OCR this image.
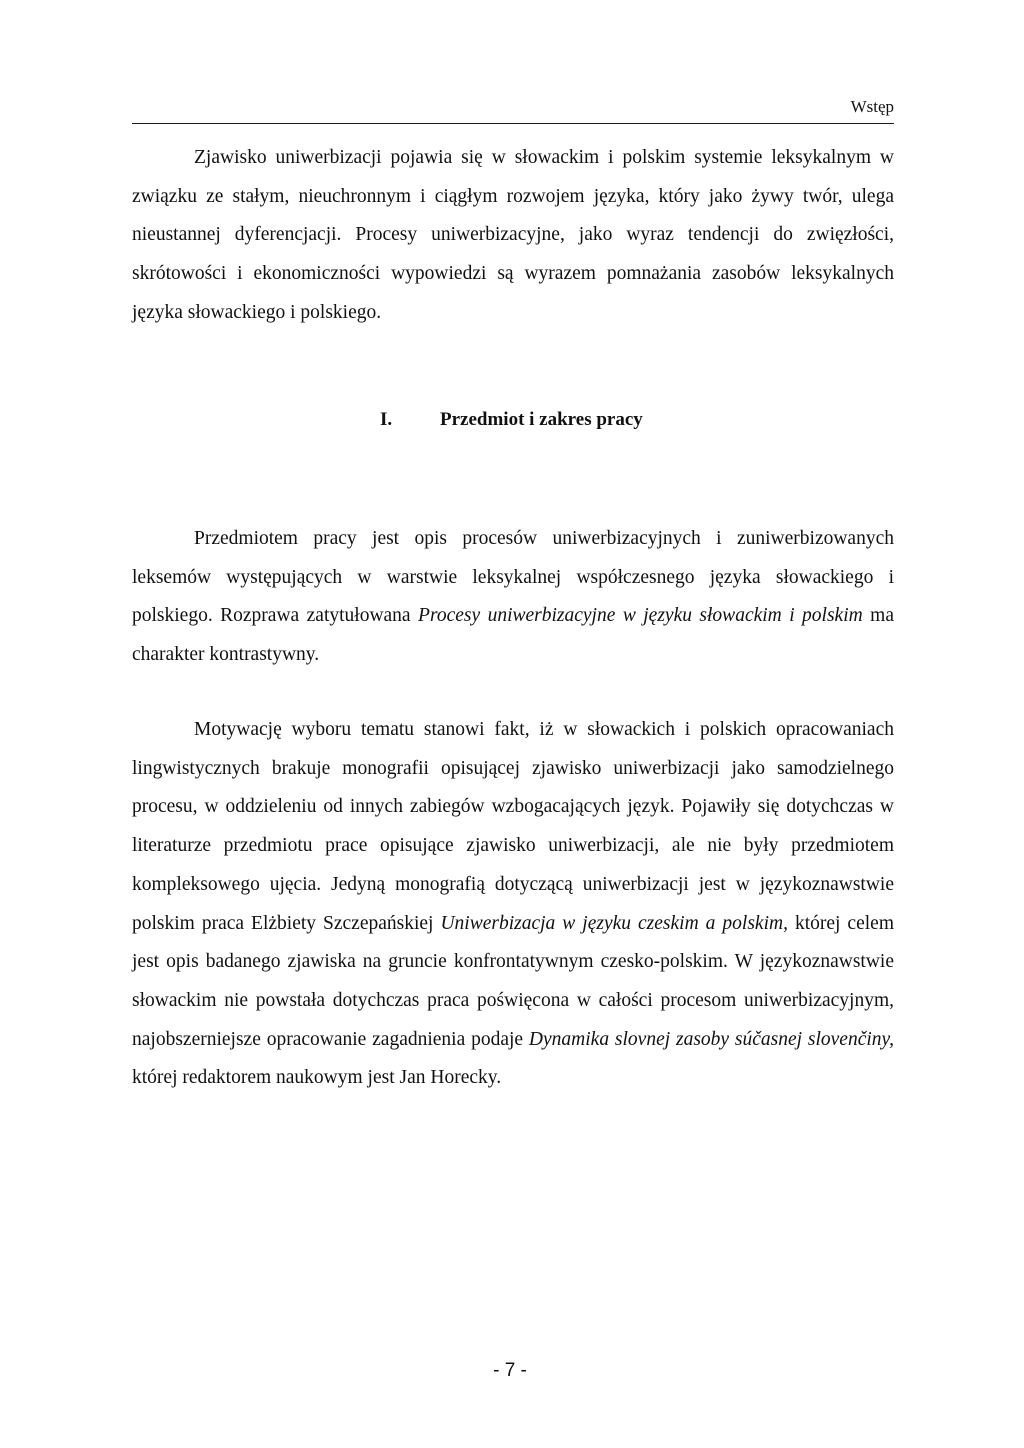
Wstęp

Zjawisko uniwerbizacji pojawia się w słowackim i polskim systemie leksykalnym w związku ze stałym, nieuchronnym i ciągłym rozwojem języka, który jako żywy twór, ulega nieustannej dyferencjacji. Procesy uniwerbizacyjne, jako wyraz tendencji do zwięzłości, skrótowości i ekonomiczności wypowiedzi są wyrazem pomnażania zasobów leksykalnych języka słowackiego i polskiego.

I.	Przedmiot i zakres pracy

Przedmiotem pracy jest opis procesów uniwerbizacyjnych i zuniwerbizowanych leksemów występujących w warstwie leksykalnej współczesnego języka słowackiego i polskiego. Rozprawa zatytułowana Procesy uniwerbizacyjne w języku słowackim i polskim ma charakter kontrastywny.

Motywację wyboru tematu stanowi fakt, iż w słowackich i polskich opracowaniach lingwistycznych brakuje monografii opisującej zjawisko uniwerbizacji jako samodzielnego procesu, w oddzieleniu od innych zabiegów wzbogacających język. Pojawiły się dotychczas w literaturze przedmiotu prace opisujące zjawisko uniwerbizacji, ale nie były przedmiotem kompleksowego ujęcia. Jedyną monografią dotyczącą uniwerbizacji jest w językoznawstwie polskim praca Elżbiety Szczepańskiej Uniwerbizacja w języku czeskim a polskim, której celem jest opis badanego zjawiska na gruncie konfrontatywnym czesko-polskim. W językoznawstwie słowackim nie powstała dotychczas praca poświęcona w całości procesom uniwerbizacyjnym, najobszerniejsze opracowanie zagadnienia podaje Dynamika slovnej zasoby súčasnej slovenčiny, której redaktorem naukowym jest Jan Horecky.

- 7 -
